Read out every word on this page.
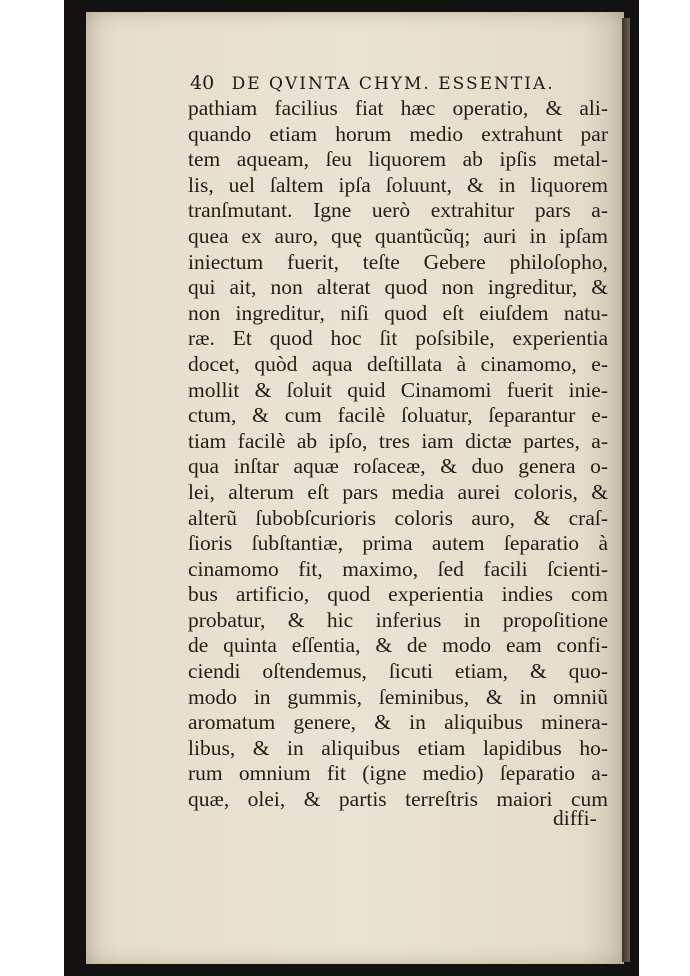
40 DE QVINTA CHYM. ESSENTIA.
pathiam facilius fiat hæc operatio, & ali-
quando etiam horum medio extrahunt par
tem aqueam, ſeu liquorem ab ipſis metal-
lis, uel ſaltem ipſa ſoluunt, & in liquorem
tranſmutant. Igne uerò extrahitur pars a-
quea ex auro, quę quantũcũq; auri in ipſam
iniectum fuerit, teſte Gebere philoſopho,
qui ait, non alterat quod non ingreditur, &
non ingreditur, niſi quod eſt eiuſdem natu-
ræ. Et quod hoc ſit poſsibile, experientia
docet, quòd aqua deſtillata à cinamomo, e-
mollit & ſoluit quid Cinamomi fuerit inie-
ctum, & cum facilè ſoluatur, ſeparantur e-
tiam facilè ab ipſo, tres iam dictæ partes, a-
qua inſtar aquæ roſaceæ, & duo genera o-
lei, alterum eſt pars media aurei coloris, &
alterũ ſubobſcurioris coloris auro, & craſ-
ſioris ſubſtantiæ, prima autem ſeparatio à
cinamomo fit, maximo, ſed facili ſcienti-
bus artificio, quod experientia indies com
probatur, & hic inferius in propoſitione
de quinta eſſentia, & de modo eam confi-
ciendi oſtendemus, ſicuti etiam, & quo-
modo in gummis, ſeminibus, & in omniũ
aromatum genere, & in aliquibus minera-
libus, & in aliquibus etiam lapidibus ho-
rum omnium fit (igne medio) ſeparatio a-
quæ, olei, & partis terreſtris maiori cum
diffi-
